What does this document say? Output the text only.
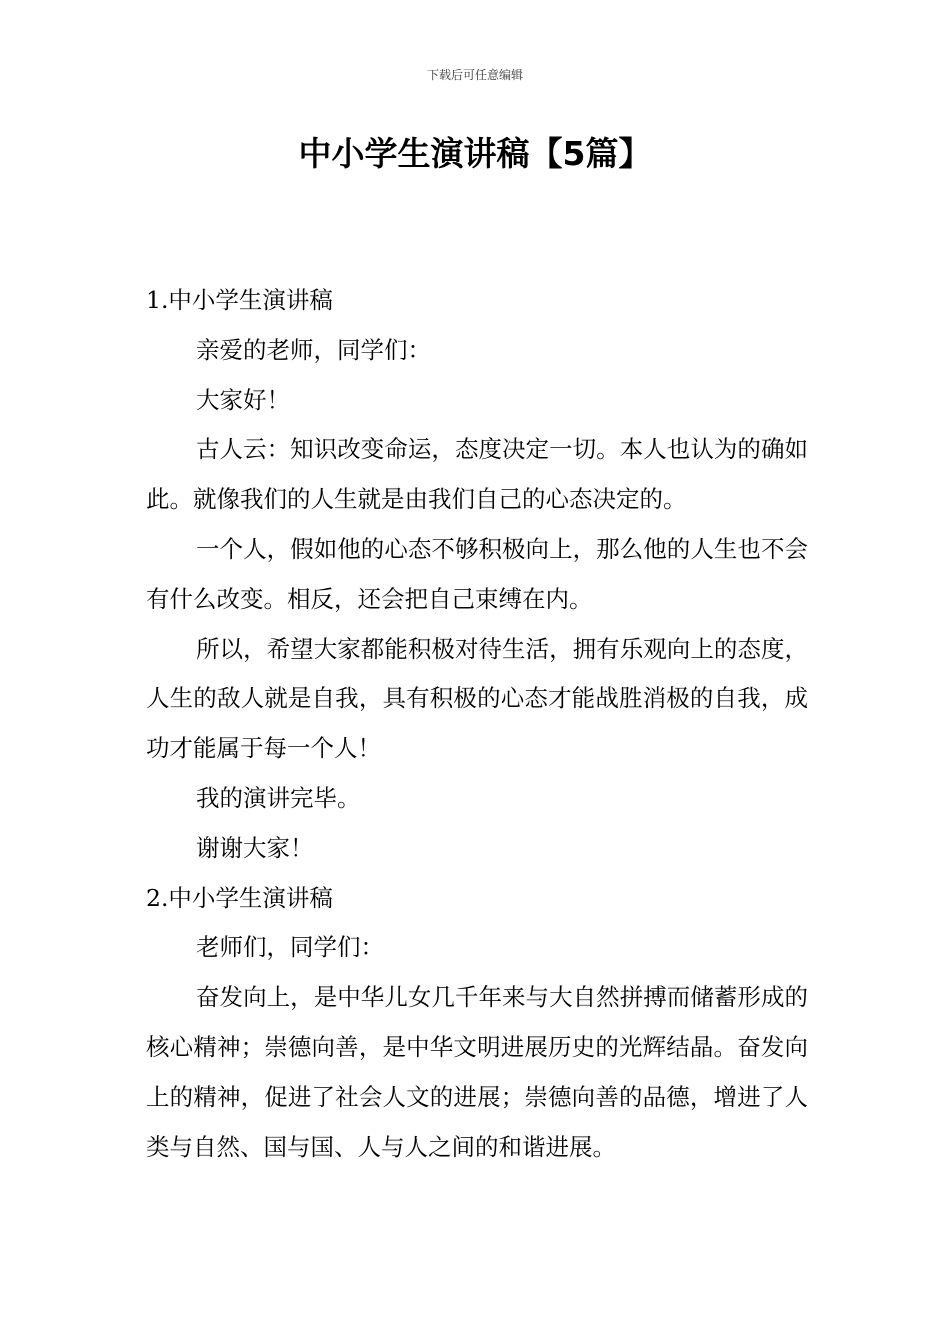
下载后可任意编辑
中小学生演讲稿【5篇】

1.中小学生演讲稿

亲爱的老师，同学们：

大家好！

古人云：知识改变命运，态度决定一切。本人也认为的确如此。就像我们的人生就是由我们自己的心态决定的。

一个人，假如他的心态不够积极向上，那么他的人生也不会有什么改变。相反，还会把自己束缚在内。

所以，希望大家都能积极对待生活，拥有乐观向上的态度，人生的敌人就是自我，具有积极的心态才能战胜消极的自我，成功才能属于每一个人！

我的演讲完毕。

谢谢大家！

2.中小学生演讲稿

老师们，同学们：

奋发向上，是中华儿女几千年来与大自然拼搏而储蓄形成的核心精神；崇德向善，是中华文明进展历史的光辉结晶。奋发向上的精神，促进了社会人文的进展；崇德向善的品德，增进了人类与自然、国与国、人与人之间的和谐进展。
